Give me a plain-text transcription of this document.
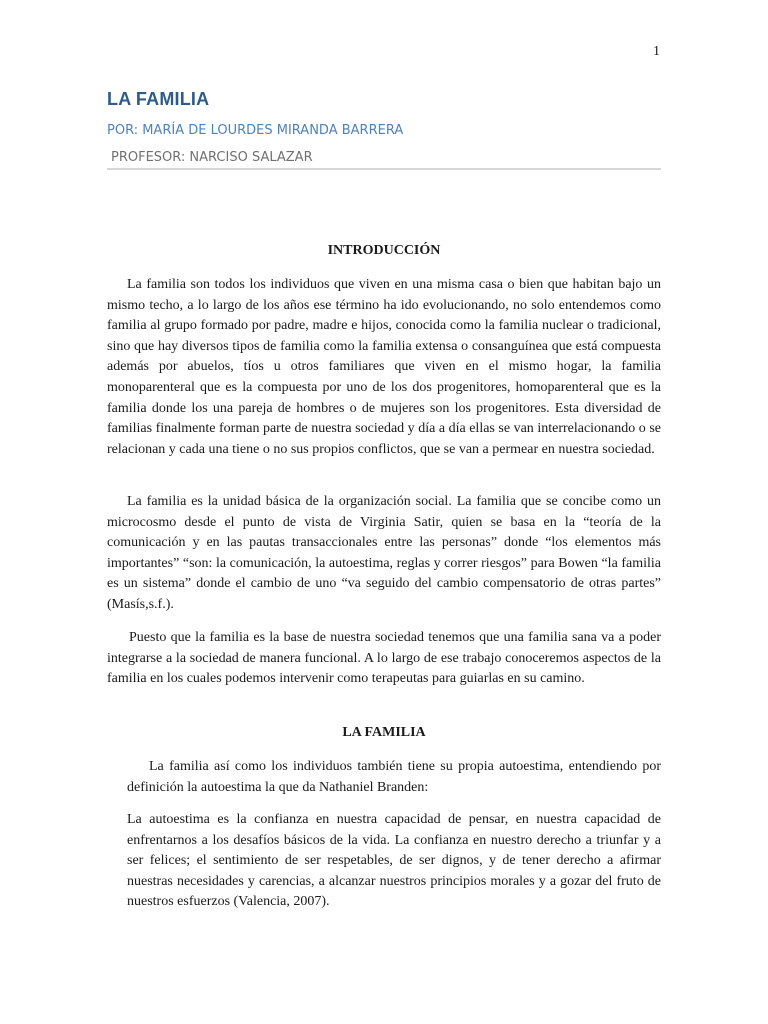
1
LA FAMILIA
POR: MARÍA DE LOURDES MIRANDA BARRERA
PROFESOR: NARCISO SALAZAR
INTRODUCCIÓN

La familia son todos los individuos que viven en una misma casa o bien que habitan bajo un mismo techo, a lo largo de los años ese término ha ido evolucionando, no solo entendemos como familia al grupo formado por padre, madre e hijos, conocida como la familia nuclear o tradicional, sino que hay diversos tipos de familia como la familia extensa o consanguínea que está compuesta además por abuelos, tíos u otros familiares que viven en el mismo hogar, la familia monoparenteral que es la compuesta por uno de los dos progenitores, homoparenteral que es la familia donde los una pareja de hombres o de mujeres son los progenitores. Esta diversidad de familias finalmente forman parte de nuestra sociedad y día a día ellas se van interrelacionando o se relacionan y cada una tiene o no sus propios conflictos, que se van a permear en nuestra sociedad.

La familia es la unidad básica de la organización social. La familia que se concibe como un microcosmo desde el punto de vista de Virginia Satir, quien se basa en la “teoría de la comunicación y en las pautas transaccionales entre las personas” donde “los elementos más importantes” “son: la comunicación, la autoestima, reglas y correr riesgos” para Bowen “la familia es un sistema” donde el cambio de uno “va seguido del cambio compensatorio de otras partes” (Masís,s.f.).

Puesto que la familia es la base de nuestra sociedad tenemos que una familia sana va a poder integrarse a la sociedad de manera funcional. A lo largo de ese trabajo conoceremos aspectos de la familia en los cuales podemos intervenir como terapeutas para guiarlas en su camino.

LA FAMILIA

La familia así como los individuos también tiene su propia autoestima, entendiendo por definición la autoestima la que da Nathaniel Branden:

La autoestima es la confianza en nuestra capacidad de pensar, en nuestra capacidad de enfrentarnos a los desafíos básicos de la vida. La confianza en nuestro derecho a triunfar y a ser felices; el sentimiento de ser respetables, de ser dignos, y de tener derecho a afirmar nuestras necesidades y carencias, a alcanzar nuestros principios morales y a gozar del fruto de nuestros esfuerzos (Valencia, 2007).
